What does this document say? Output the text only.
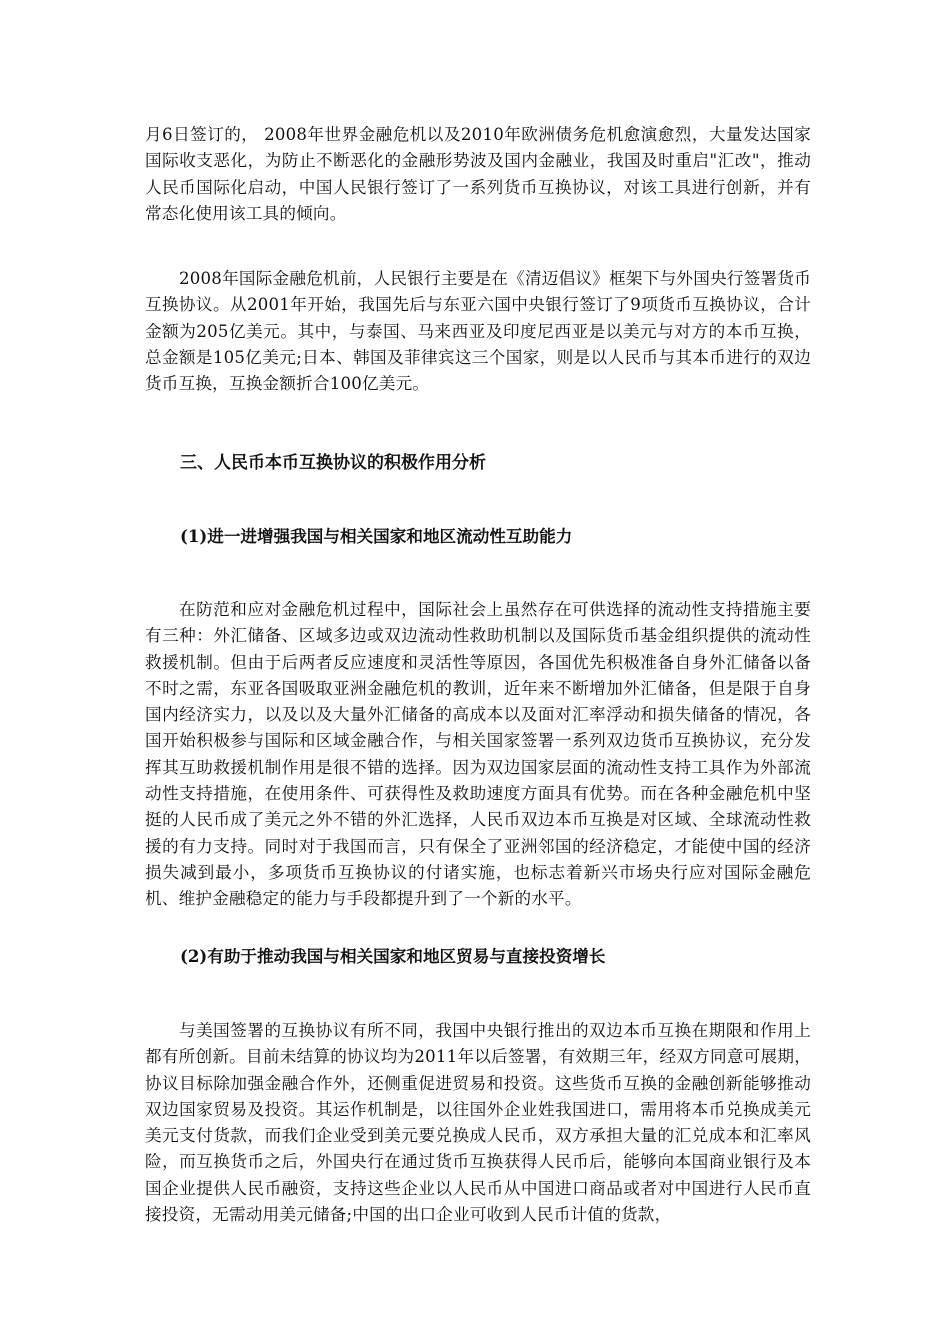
月6日签订的， 2008年世界金融危机以及2010年欧洲债务危机愈演愈烈，大量发达国家国际收支恶化，为防止不断恶化的金融形势波及国内金融业，我国及时重启"汇改"，推动人民币国际化启动，中国人民银行签订了一系列货币互换协议，对该工具进行创新，并有常态化使用该工具的倾向。

2008年国际金融危机前，人民银行主要是在《清迈倡议》框架下与外国央行签署货币互换协议。从2001年开始，我国先后与东亚六国中央银行签订了9项货币互换协议，合计金额为205亿美元。其中，与泰国、马来西亚及印度尼西亚是以美元与对方的本币互换，总金额是105亿美元;日本、韩国及菲律宾这三个国家，则是以人民币与其本币进行的双边货币互换，互换金额折合100亿美元。

三、人民币本币互换协议的积极作用分析
(1)进一进增强我国与相关国家和地区流动性互助能力

在防范和应对金融危机过程中，国际社会上虽然存在可供选择的流动性支持措施主要有三种：外汇储备、区域多边或双边流动性救助机制以及国际货币基金组织提供的流动性救援机制。但由于后两者反应速度和灵活性等原因，各国优先积极准备自身外汇储备以备不时之需，东亚各国吸取亚洲金融危机的教训，近年来不断增加外汇储备，但是限于自身国内经济实力，以及以及大量外汇储备的高成本以及面对汇率浮动和损失储备的情况，各国开始积极参与国际和区域金融合作，与相关国家签署一系列双边货币互换协议，充分发挥其互助救援机制作用是很不错的选择。因为双边国家层面的流动性支持工具作为外部流动性支持措施，在使用条件、可获得性及救助速度方面具有优势。而在各种金融危机中坚挺的人民币成了美元之外不错的外汇选择，人民币双边本币互换是对区域、全球流动性救援的有力支持。同时对于我国而言，只有保全了亚洲邻国的经济稳定，才能使中国的经济损失减到最小，多项货币互换协议的付诸实施，也标志着新兴市场央行应对国际金融危机、维护金融稳定的能力与手段都提升到了一个新的水平。

(2)有助于推动我国与相关国家和地区贸易与直接投资增长

与美国签署的互换协议有所不同，我国中央银行推出的双边本币互换在期限和作用上都有所创新。目前未结算的协议均为2011年以后签署，有效期三年，经双方同意可展期，协议目标除加强金融合作外，还侧重促进贸易和投资。这些货币互换的金融创新能够推动双边国家贸易及投资。其运作机制是，以往国外企业姓我国进口，需用将本币兑换成美元美元支付货款，而我们企业受到美元要兑换成人民币，双方承担大量的汇兑成本和汇率风险，而互换货币之后，外国央行在通过货币互换获得人民币后，能够向本国商业银行及本国企业提供人民币融资，支持这些企业以人民币从中国进口商品或者对中国进行人民币直接投资，无需动用美元储备;中国的出口企业可收到人民币计值的货款，
